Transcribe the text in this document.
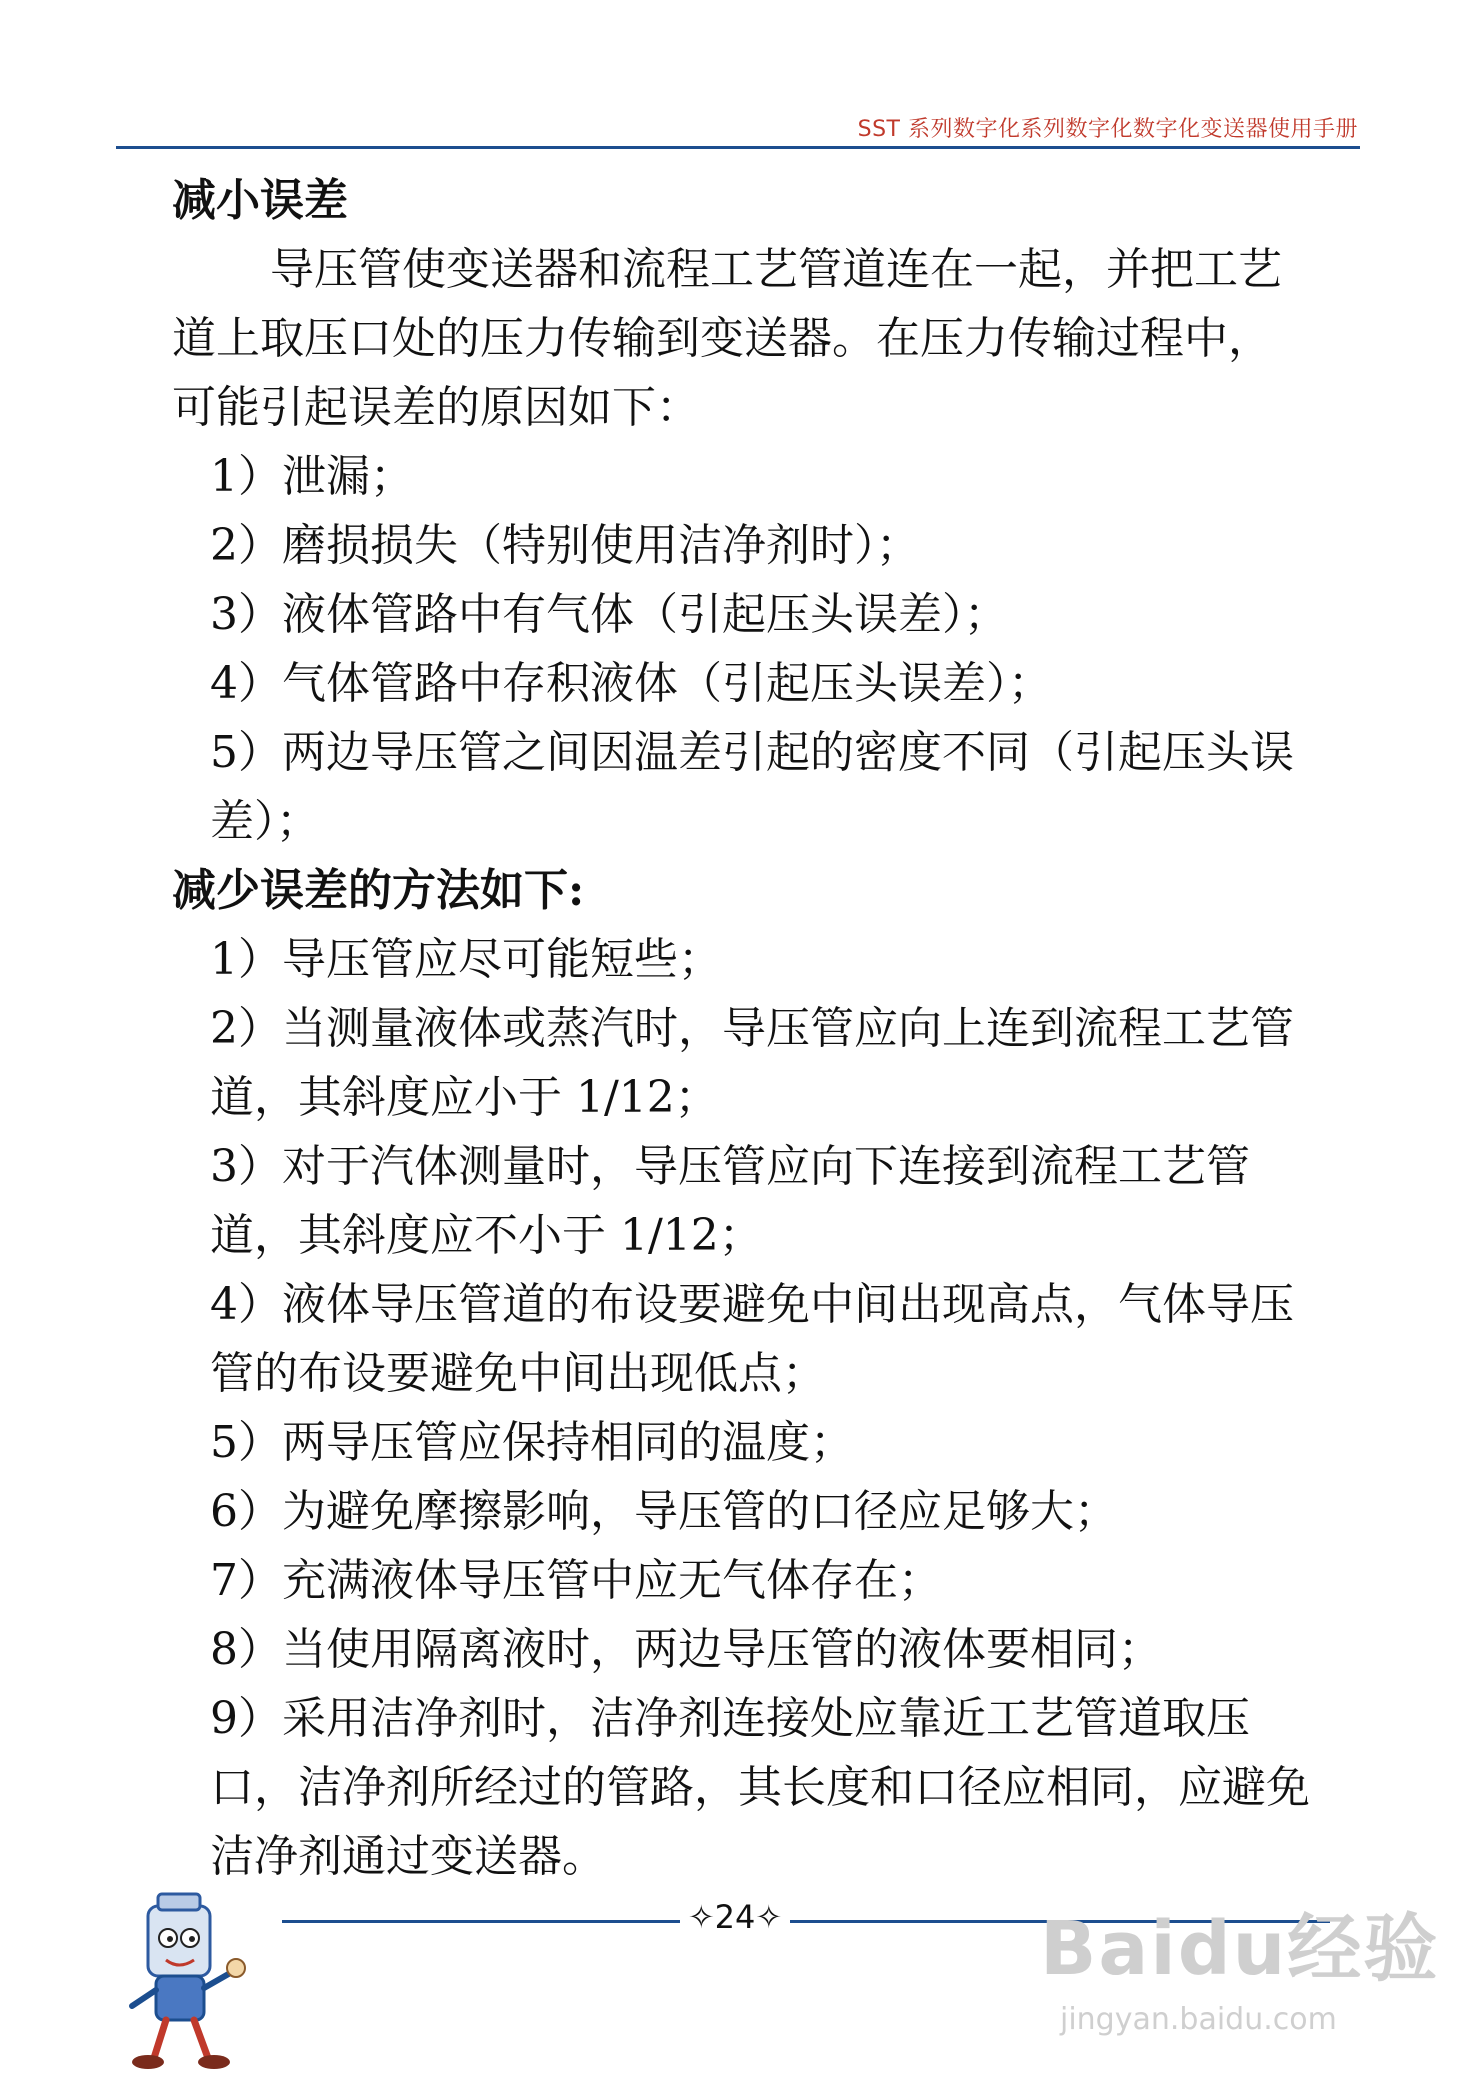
SST 系列数字化系列数字化数字化变送器使用手册

减小误差

导压管使变送器和流程工艺管道连在一起，并把工艺道上取压口处的压力传输到变送器。在压力传输过程中，可能引起误差的原因如下：

1）泄漏；

2）磨损损失（特别使用洁净剂时）；

3）液体管路中有气体（引起压头误差）；

4）气体管路中存积液体（引起压头误差）；

5）两边导压管之间因温差引起的密度不同（引起压头误差）；

减少误差的方法如下:

1）导压管应尽可能短些；

2）当测量液体或蒸汽时，导压管应向上连到流程工艺管道，其斜度应小于 1/12；

3）对于汽体测量时，导压管应向下连接到流程工艺管道，其斜度应不小于 1/12；

4）液体导压管道的布设要避免中间出现高点，气体导压管的布设要避免中间出现低点；

5）两导压管应保持相同的温度；

6）为避免摩擦影响，导压管的口径应足够大；

7）充满液体导压管中应无气体存在；

8）当使用隔离液时，两边导压管的液体要相同；

9）采用洁净剂时，洁净剂连接处应靠近工艺管道取压口，洁净剂所经过的管路，其长度和口径应相同，应避免洁净剂通过变送器。

✧24✧	Baidu经验
jingyan.baidu.com
